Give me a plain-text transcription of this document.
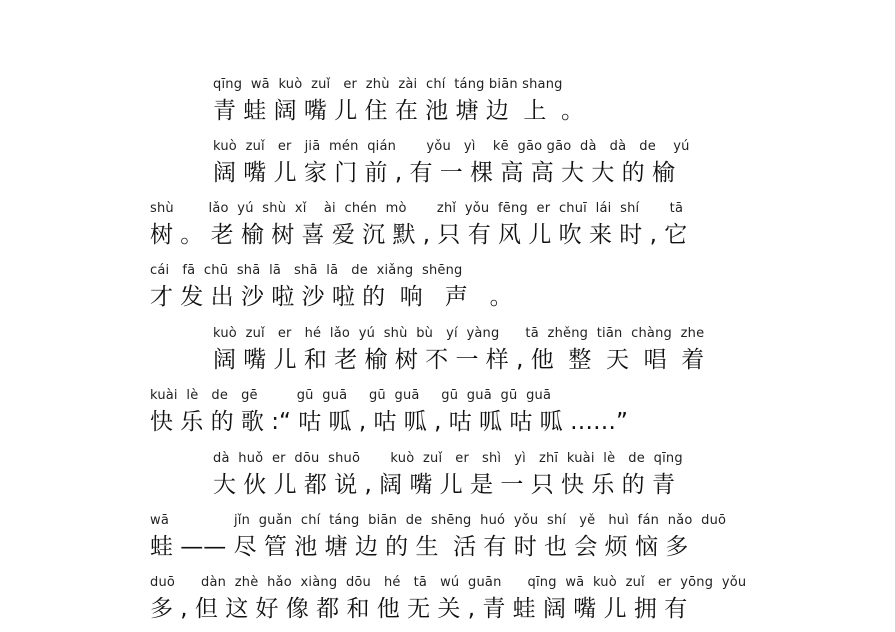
qīng  wā  kuò  zuǐ   er  zhù  zài  chí  táng biān shang
青 蛙 阔 嘴 儿 住 在 池 塘 边  上  。
kuò  zuǐ   er   jiā  mén  qián       yǒu   yì    kē  gāo gāo  dà   dà   de    yú
阔 嘴 儿 家 门 前 , 有 一 棵 高 高 大 大 的 榆
shù        lǎo  yú  shù  xǐ    ài  chén  mò       zhǐ  yǒu  fēng  er  chuī  lái  shí       tā
树 。 老 榆 树 喜 爱 沉 默 , 只 有 风 儿 吹 来 时 , 它
cái   fā  chū  shā  lā   shā  lā   de  xiǎng  shēng
才 发 出 沙 啦 沙 啦 的  响   声   。
kuò  zuǐ   er   hé  lǎo  yú  shù  bù   yí  yàng      tā  zhěng  tiān  chàng  zhe
阔 嘴 儿 和 老 榆 树 不 一 样 , 他  整  天  唱  着
kuài  lè   de   gē         gū  guā     gū  guā     gū  guā  gū  guā
快 乐 的 歌 :“ 咕 呱 , 咕 呱 , 咕 呱 咕 呱 ……”
dà  huǒ  er  dōu  shuō       kuò  zuǐ   er   shì   yì   zhī  kuài  lè   de  qīng
大 伙 儿 都 说 , 阔 嘴 儿 是 一 只 快 乐 的 青
wā               jǐn  guǎn  chí  táng  biān  de  shēng  huó  yǒu  shí   yě   huì  fán  nǎo  duō
蛙 —— 尽 管 池 塘 边 的 生  活 有 时 也 会 烦 恼 多
duō      dàn  zhè  hǎo  xiàng  dōu   hé   tā   wú  guān      qīng  wā  kuò  zuǐ   er  yōng  yǒu
多 , 但 这 好 像 都 和 他 无 关 , 青 蛙 阔 嘴 儿 拥 有
